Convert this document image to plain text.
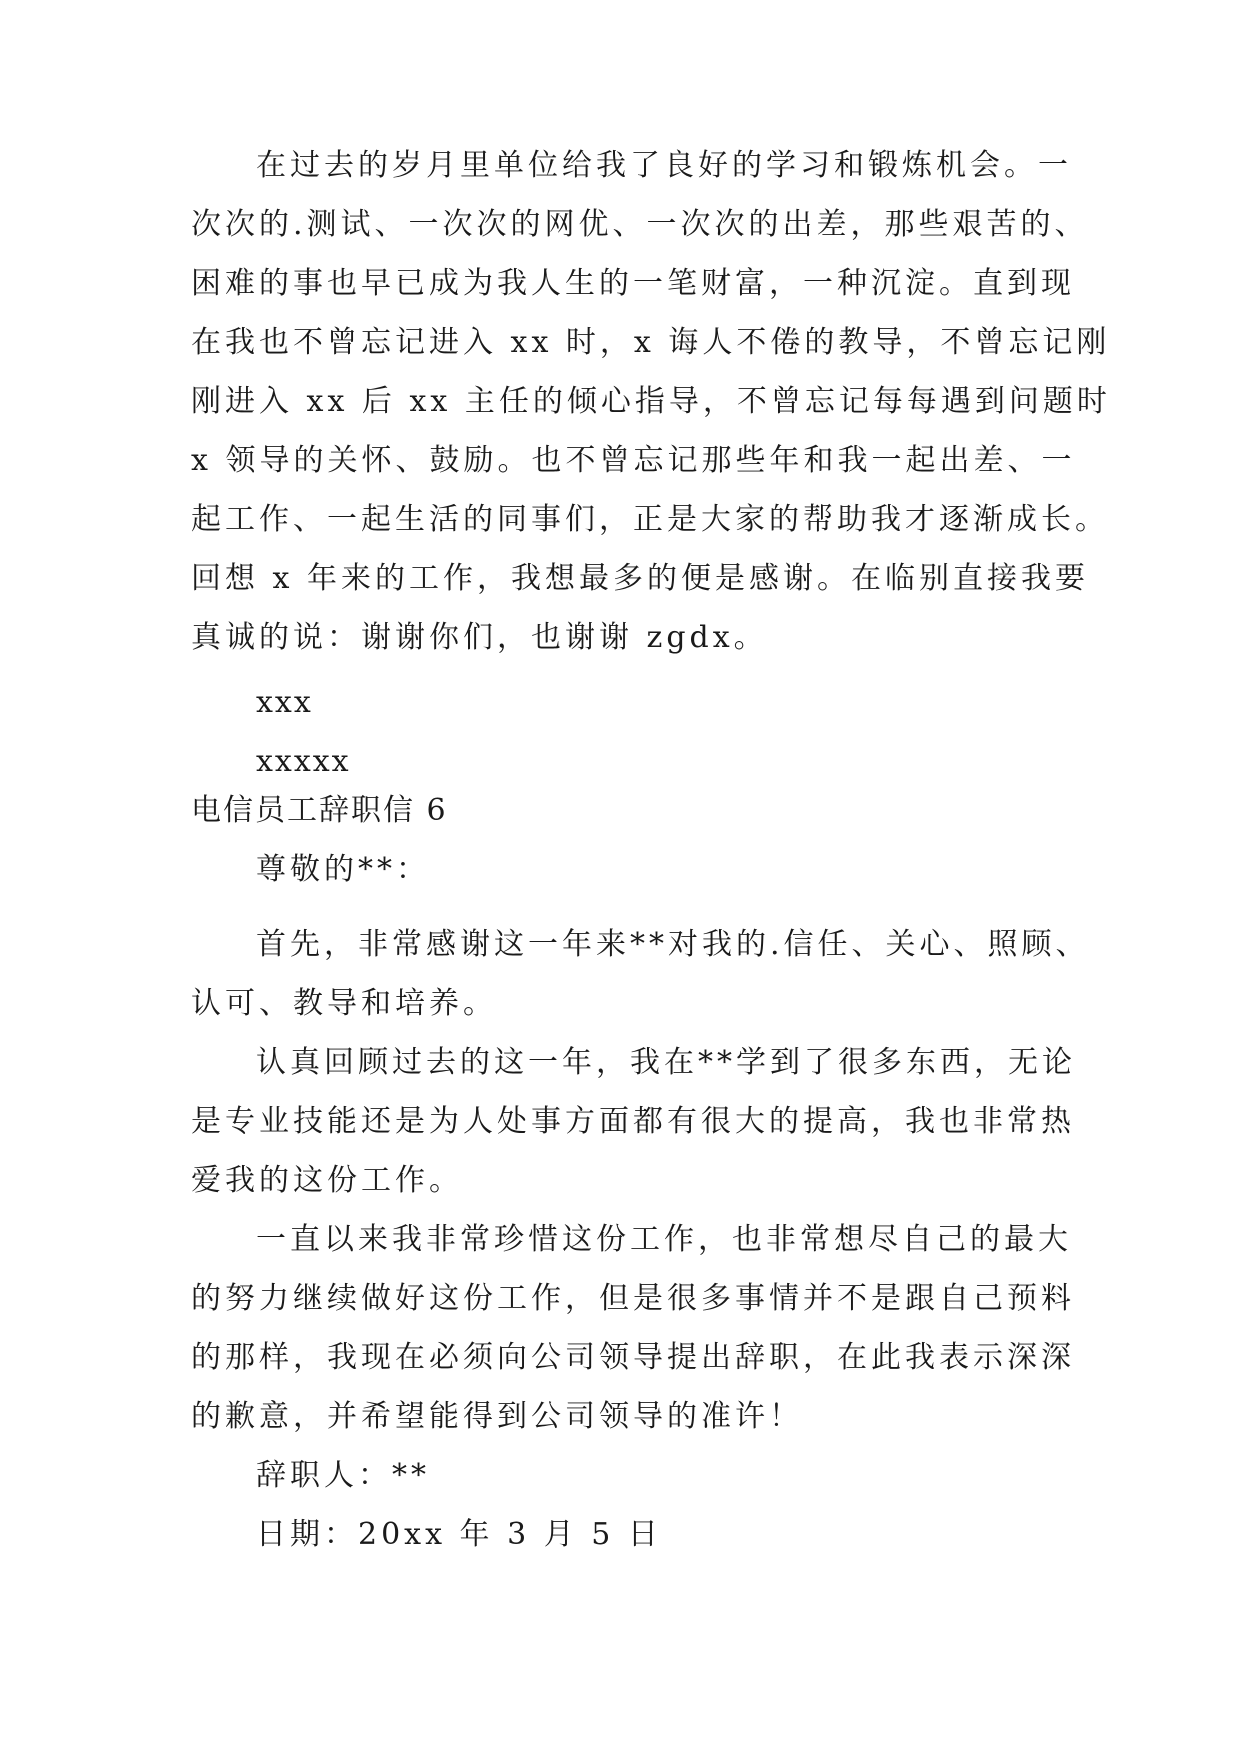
在过去的岁月里单位给我了良好的学习和锻炼机会。一
次次的.测试、一次次的网优、一次次的出差，那些艰苦的、
困难的事也早已成为我人生的一笔财富，一种沉淀。直到现
在我也不曾忘记进入 xx 时，x 诲人不倦的教导，不曾忘记刚
刚进入 xx 后 xx 主任的倾心指导，不曾忘记每每遇到问题时
x 领导的关怀、鼓励。也不曾忘记那些年和我一起出差、一
起工作、一起生活的同事们，正是大家的帮助我才逐渐成长。
回想 x 年来的工作，我想最多的便是感谢。在临别直接我要
真诚的说：谢谢你们，也谢谢 zgdx。
xxx
xxxxx
电信员工辞职信 6
尊敬的**：
首先，非常感谢这一年来**对我的.信任、关心、照顾、
认可、教导和培养。
认真回顾过去的这一年，我在**学到了很多东西，无论
是专业技能还是为人处事方面都有很大的提高，我也非常热
爱我的这份工作。
一直以来我非常珍惜这份工作，也非常想尽自己的最大
的努力继续做好这份工作，但是很多事情并不是跟自己预料
的那样，我现在必须向公司领导提出辞职，在此我表示深深
的歉意，并希望能得到公司领导的准许！
辞职人：**
日期：20xx 年 3 月 5 日
